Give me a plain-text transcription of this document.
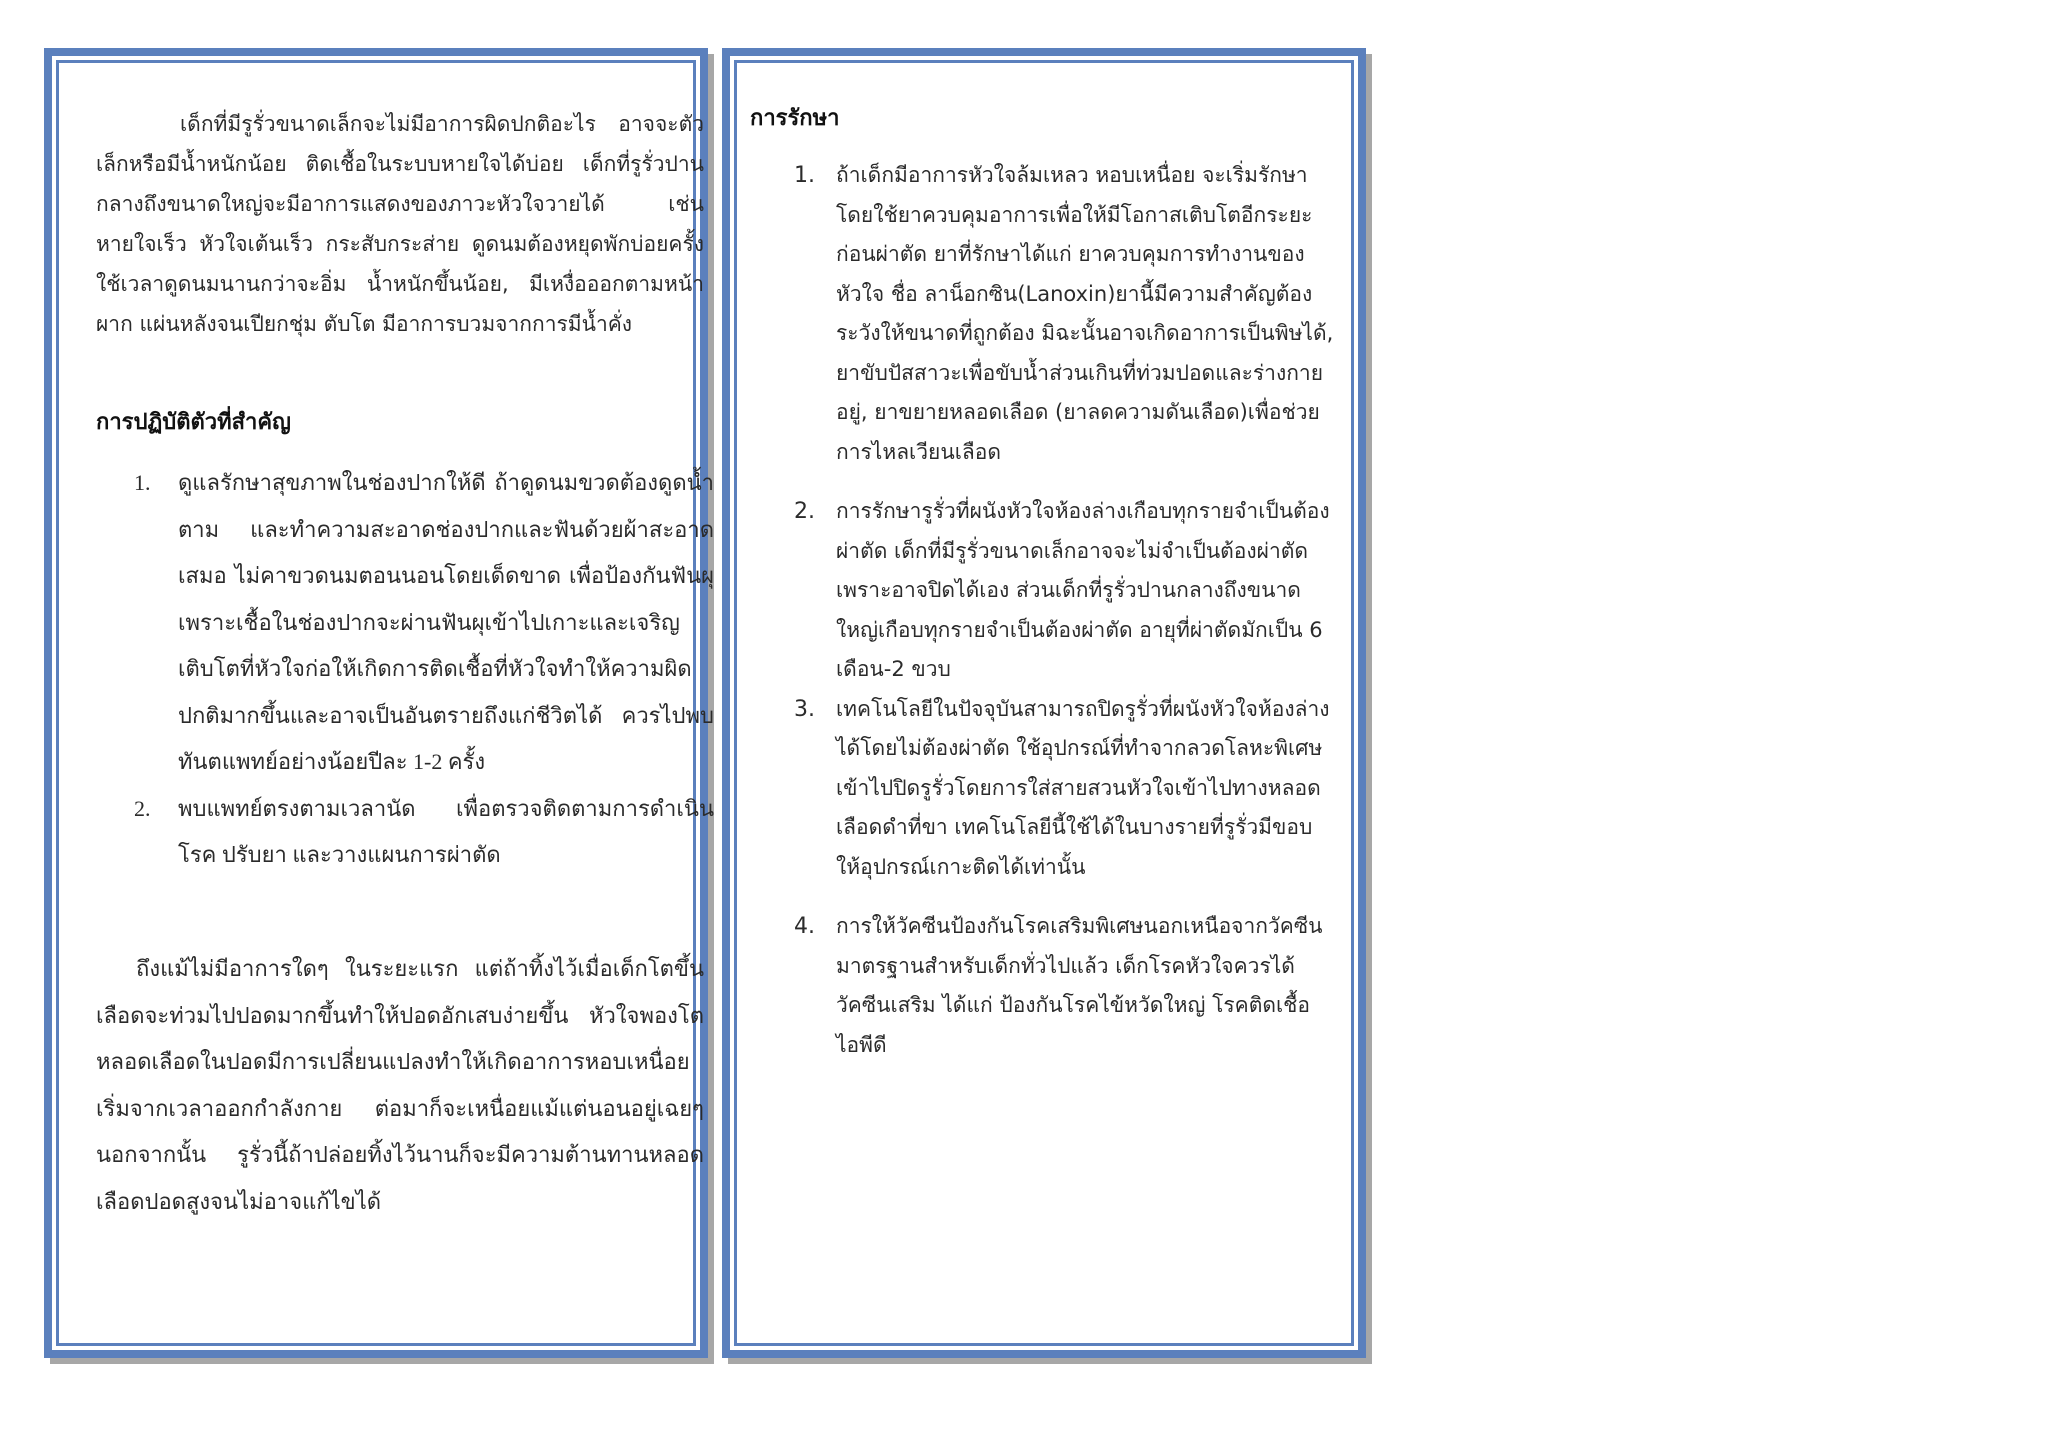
เด็กที่มีรูรั่วขนาดเล็กจะไม่มีอาการผิดปกติอะไร อาจจะตัวเล็กหรือมีน้ำหนักน้อย ติดเชื้อในระบบหายใจได้บ่อย เด็กที่รูรั่วปานกลางถึงขนาดใหญ่จะมีอาการแสดงของภาวะหัวใจวายได้ เช่น หายใจเร็ว หัวใจเต้นเร็ว กระสับกระส่าย ดูดนมต้องหยุดพักบ่อยครั้ง ใช้เวลาดูดนมนานกว่าจะอิ่ม น้ำหนักขึ้นน้อย, มีเหงื่อออกตามหน้าผาก แผ่นหลังจนเปียกชุ่ม ตับโต มีอาการบวมจากการมีน้ำคั่ง

การปฏิบัติตัวที่สำคัญ
1. ดูแลรักษาสุขภาพในช่องปากให้ดี ถ้าดูดนมขวดต้องดูดน้ำตาม และทำความสะอาดช่องปากและฟันด้วยผ้าสะอาดเสมอ ไม่คาขวดนมตอนนอนโดยเด็ดขาด เพื่อป้องกันฟันผุ เพราะเชื้อในช่องปากจะผ่านฟันผุเข้าไปเกาะและเจริญเติบโตที่หัวใจก่อให้เกิดการติดเชื้อที่หัวใจทำให้ความผิดปกติมากขึ้นและอาจเป็นอันตรายถึงแก่ชีวิตได้ ควรไปพบทันตแพทย์อย่างน้อยปีละ 1-2 ครั้ง
2. พบแพทย์ตรงตามเวลานัด เพื่อตรวจติดตามการดำเนินโรค ปรับยา และวางแผนการผ่าตัด

ถึงแม้ไม่มีอาการใดๆ ในระยะแรก แต่ถ้าทิ้งไว้เมื่อเด็กโตขึ้น เลือดจะท่วมไปปอดมากขึ้นทำให้ปอดอักเสบง่ายขึ้น หัวใจพองโต หลอดเลือดในปอดมีการเปลี่ยนแปลงทำให้เกิดอาการหอบเหนื่อย เริ่มจากเวลาออกกำลังกาย ต่อมาก็จะเหนื่อยแม้แต่นอนอยู่เฉยๆ นอกจากนั้น รูรั่วนี้ถ้าปล่อยทิ้งไว้นานก็จะมีความต้านทานหลอดเลือดปอดสูงจนไม่อาจแก้ไขได้

การรักษา
1. ถ้าเด็กมีอาการหัวใจล้มเหลว หอบเหนื่อย จะเริ่มรักษาโดยใช้ยาควบคุมอาการเพื่อให้มีโอกาสเติบโตอีกระยะก่อนผ่าตัด ยาที่รักษาได้แก่ ยาควบคุมการทำงานของหัวใจ ชื่อ ลาน็อกซิน(Lanoxin)ยานี้มีความสำคัญต้องระวังให้ขนาดที่ถูกต้อง มิฉะนั้นอาจเกิดอาการเป็นพิษได้, ยาขับปัสสาวะเพื่อขับน้ำส่วนเกินที่ท่วมปอดและร่างกายอยู่, ยาขยายหลอดเลือด (ยาลดความดันเลือด)เพื่อช่วยการไหลเวียนเลือด
2. การรักษารูรั่วที่ผนังหัวใจห้องล่างเกือบทุกรายจำเป็นต้องผ่าตัด เด็กที่มีรูรั่วขนาดเล็กอาจจะไม่จำเป็นต้องผ่าตัดเพราะอาจปิดได้เอง ส่วนเด็กที่รูรั่วปานกลางถึงขนาดใหญ่เกือบทุกรายจำเป็นต้องผ่าตัด อายุที่ผ่าตัดมักเป็น 6 เดือน-2 ขวบ
3. เทคโนโลยีในปัจจุบันสามารถปิดรูรั่วที่ผนังหัวใจห้องล่างได้โดยไม่ต้องผ่าตัด ใช้อุปกรณ์ที่ทำจากลวดโลหะพิเศษเข้าไปปิดรูรั่วโดยการใส่สายสวนหัวใจเข้าไปทางหลอดเลือดดำที่ขา เทคโนโลยีนี้ใช้ได้ในบางรายที่รูรั่วมีขอบให้อุปกรณ์เกาะติดได้เท่านั้น
4. การให้วัคซีนป้องกันโรคเสริมพิเศษนอกเหนือจากวัคซีนมาตรฐานสำหรับเด็กทั่วไปแล้ว เด็กโรคหัวใจควรได้วัคซีนเสริม ได้แก่ ป้องกันโรคไข้หวัดใหญ่ โรคติดเชื้อ ไอพีดี
